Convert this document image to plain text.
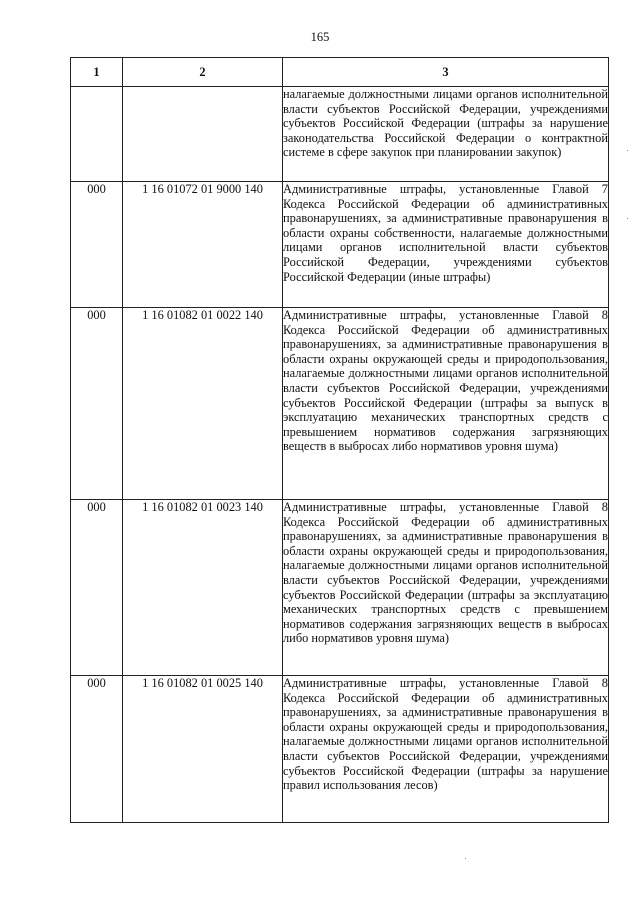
165
1	2	3
		налагаемые должностными лицами органов исполнительной власти субъектов Российской Федерации, учреждениями субъектов Российской Федерации (штрафы за нарушение законодательства Российской Федерации о контрактной системе в сфере закупок при планировании закупок)
000	1 16 01072 01 9000 140	Административные штрафы, установленные Главой 7 Кодекса Российской Федерации об административных правонарушениях, за административные правонарушения в области охраны собственности, налагаемые должностными лицами органов исполнительной власти субъектов Российской Федерации, учреждениями субъектов Российской Федерации (иные штрафы)
000	1 16 01082 01 0022 140	Административные штрафы, установленные Главой 8 Кодекса Российской Федерации об административных правонарушениях, за административные правонарушения в области охраны окружающей среды и природопользования, налагаемые должностными лицами органов исполнительной власти субъектов Российской Федерации, учреждениями субъектов Российской Федерации (штрафы за выпуск в эксплуатацию механических транспортных средств с превышением нормативов содержания загрязняющих веществ в выбросах либо нормативов уровня шума)
000	1 16 01082 01 0023 140	Административные штрафы, установленные Главой 8 Кодекса Российской Федерации об административных правонарушениях, за административные правонарушения в области охраны окружающей среды и природопользования, налагаемые должностными лицами органов исполнительной власти субъектов Российской Федерации, учреждениями субъектов Российской Федерации (штрафы за эксплуатацию механических транспортных средств с превышением нормативов содержания загрязняющих веществ в выбросах либо нормативов уровня шума)
000	1 16 01082 01 0025 140	Административные штрафы, установленные Главой 8 Кодекса Российской Федерации об административных правонарушениях, за административные правонарушения в области охраны окружающей среды и природопользования, налагаемые должностными лицами органов исполнительной власти субъектов Российской Федерации, учреждениями субъектов Российской Федерации (штрафы за нарушение правил использования лесов)
